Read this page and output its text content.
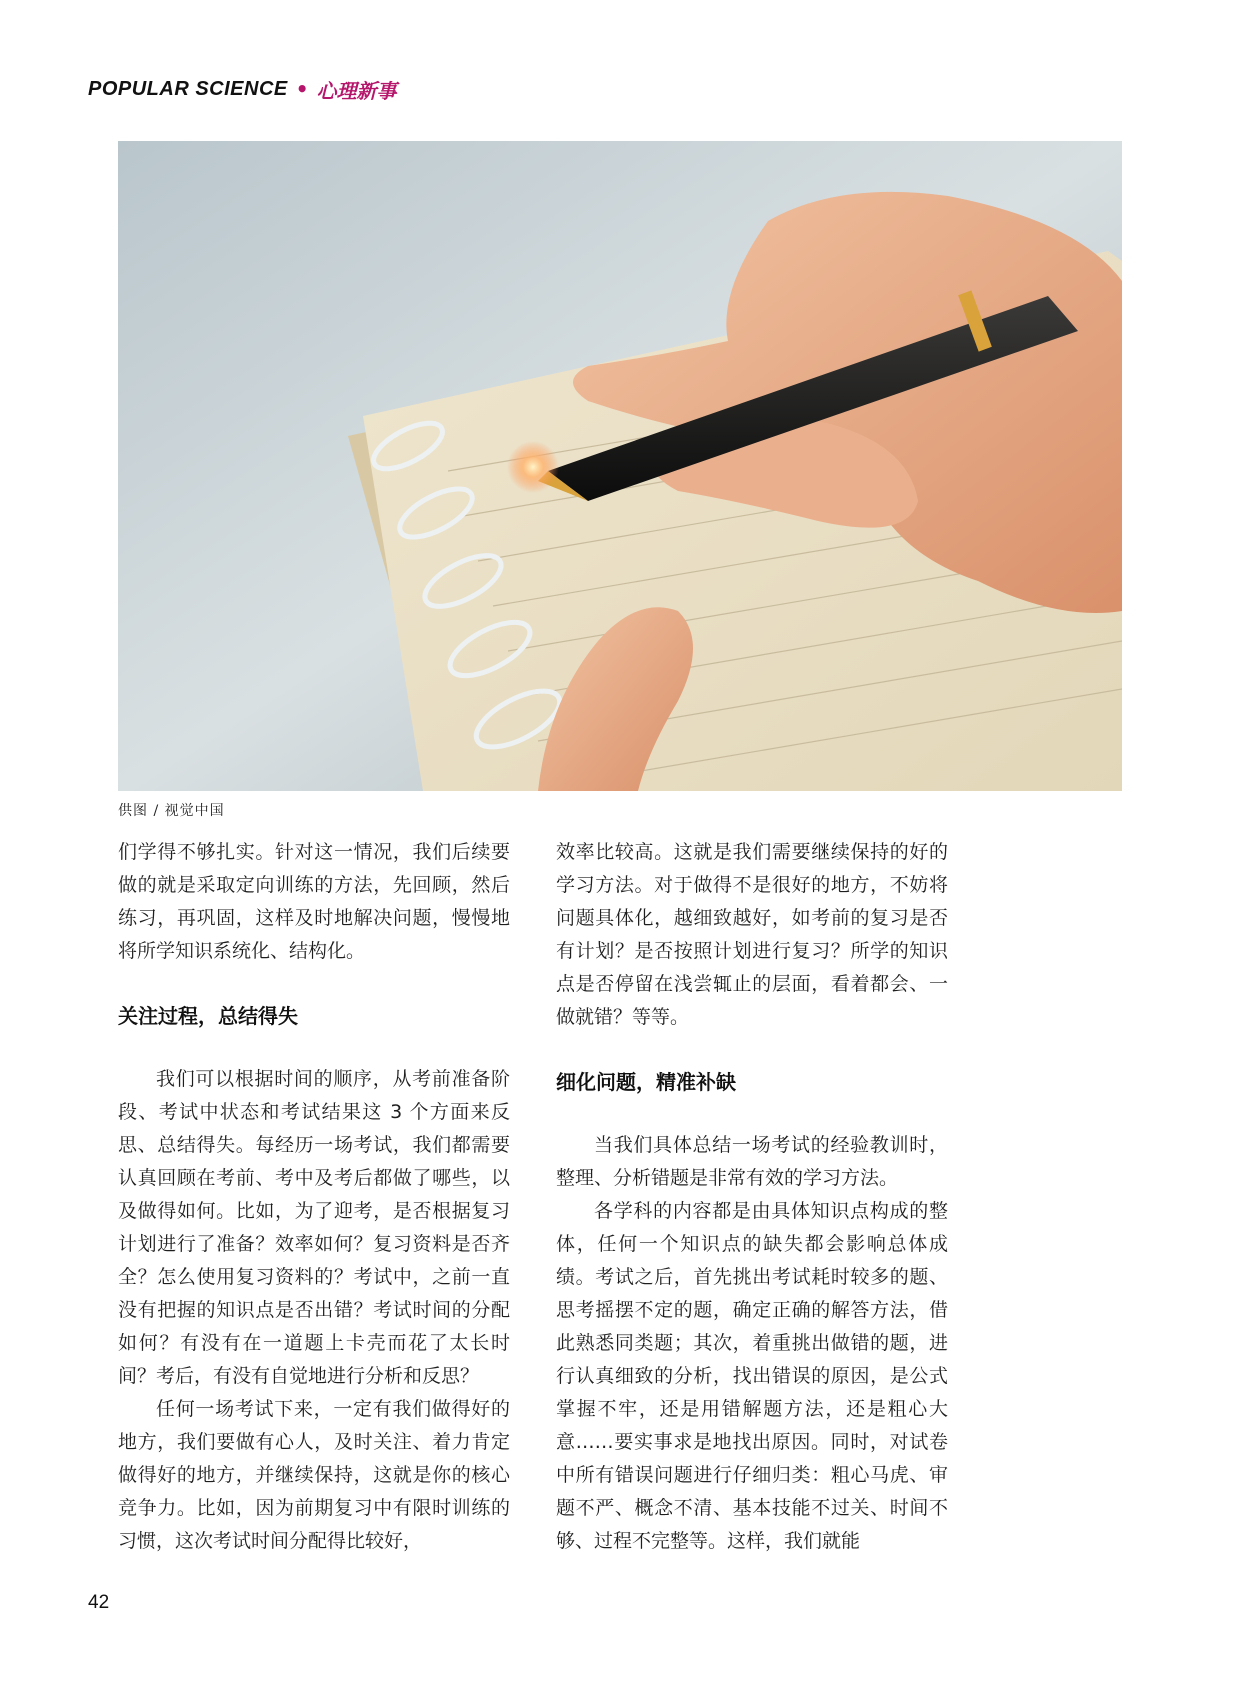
POPULAR SCIENCE • 心理新事
供图 / 视觉中国

们学得不够扎实。针对这一情况，我们后续要做的就是采取定向训练的方法，先回顾，然后练习，再巩固，这样及时地解决问题，慢慢地将所学知识系统化、结构化。

关注过程，总结得失

我们可以根据时间的顺序，从考前准备阶段、考试中状态和考试结果这 3 个方面来反思、总结得失。每经历一场考试，我们都需要认真回顾在考前、考中及考后都做了哪些，以及做得如何。比如，为了迎考，是否根据复习计划进行了准备？效率如何？复习资料是否齐全？怎么使用复习资料的？考试中，之前一直没有把握的知识点是否出错？考试时间的分配如何？有没有在一道题上卡壳而花了太长时间？考后，有没有自觉地进行分析和反思？

任何一场考试下来，一定有我们做得好的地方，我们要做有心人，及时关注、着力肯定做得好的地方，并继续保持，这就是你的核心竞争力。比如，因为前期复习中有限时训练的习惯，这次考试时间分配得比较好，

效率比较高。这就是我们需要继续保持的好的学习方法。对于做得不是很好的地方，不妨将问题具体化，越细致越好，如考前的复习是否有计划？是否按照计划进行复习？所学的知识点是否停留在浅尝辄止的层面，看着都会、一做就错？等等。

细化问题，精准补缺

当我们具体总结一场考试的经验教训时，整理、分析错题是非常有效的学习方法。

各学科的内容都是由具体知识点构成的整体，任何一个知识点的缺失都会影响总体成绩。考试之后，首先挑出考试耗时较多的题、思考摇摆不定的题，确定正确的解答方法，借此熟悉同类题；其次，着重挑出做错的题，进行认真细致的分析，找出错误的原因，是公式掌握不牢，还是用错解题方法，还是粗心大意……要实事求是地找出原因。同时，对试卷中所有错误问题进行仔细归类：粗心马虎、审题不严、概念不清、基本技能不过关、时间不够、过程不完整等。这样，我们就能

42
